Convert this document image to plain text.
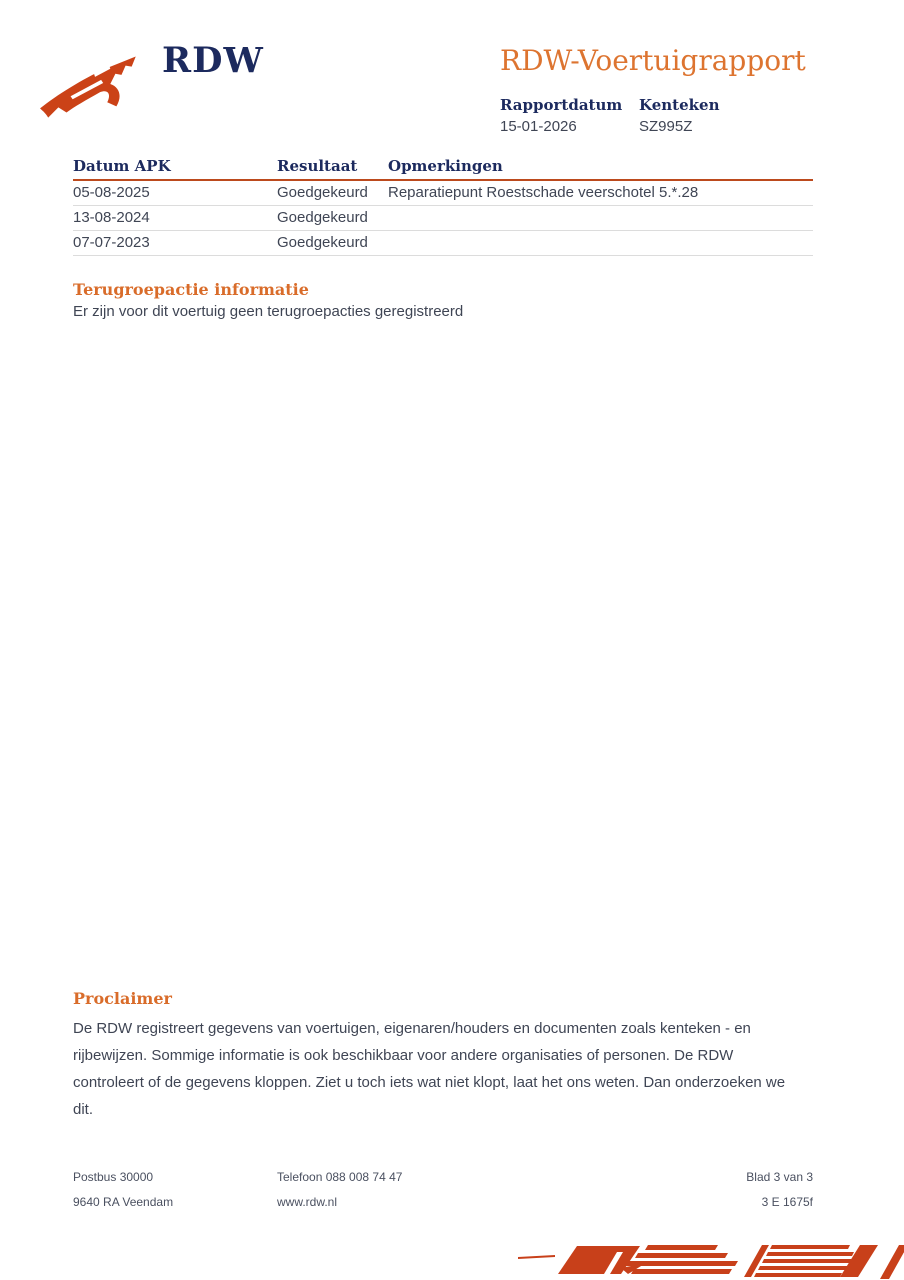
RDW	RDW-Voertuigrapport
Rapportdatum
15-01-2026
Kenteken
SZ995Z
Datum APK	Resultaat	Opmerkingen
05-08-2025	Goedgekeurd	Reparatiepunt Roestschade veerschotel 5.*.28
13-08-2024	Goedgekeurd
07-07-2023	Goedgekeurd
Terugroepactie informatie
Er zijn voor dit voertuig geen terugroepacties geregistreerd
Proclaimer
De RDW registreert gegevens van voertuigen, eigenaren/houders en documenten zoals kenteken - en rijbewijzen. Sommige informatie is ook beschikbaar voor andere organisaties of personen. De RDW controleert of de gegevens kloppen. Ziet u toch iets wat niet klopt, laat het ons weten. Dan onderzoeken we dit.
Postbus 30000
9640 RA Veendam
Telefoon 088 008 74 47
www.rdw.nl
Blad 3 van 3
3 E 1675f
